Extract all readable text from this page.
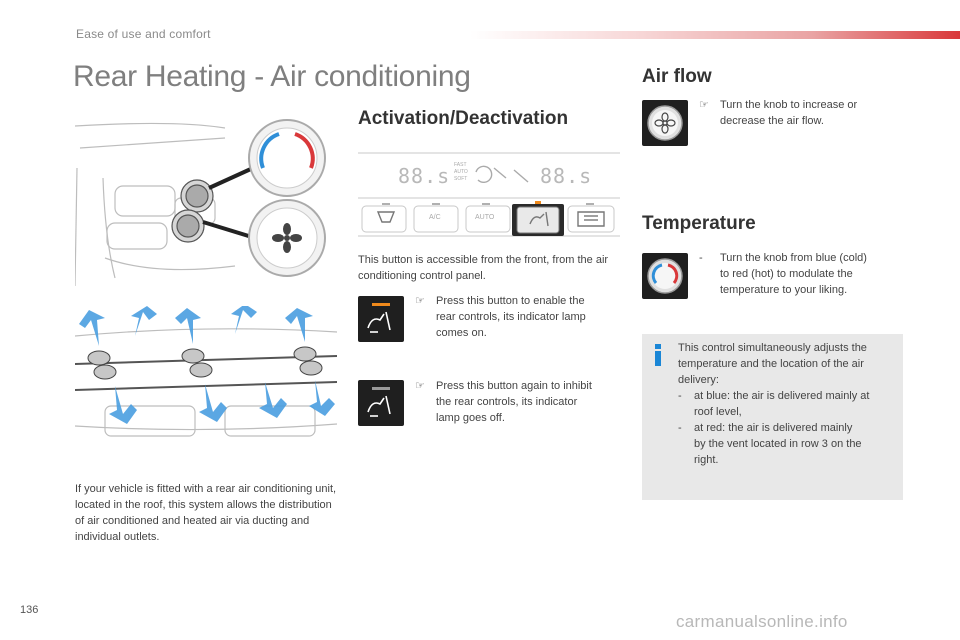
Ease of use and comfort
Rear Heating - Air conditioning

If your vehicle is fitted with a rear air conditioning unit, located in the roof, this system allows the distribution of air conditioned and heated air via ducting and individual outlets.

Activation/Deactivation
88.s	88.s
FAST
AUTO
SOFT
A/C	AUTO

This button is accessible from the front, from the air conditioning control panel.

☞ Press this button to enable the
rear controls, its indicator lamp
comes on.
☞ Press this button again to inhibit
the rear controls, its indicator
lamp goes off.
Air flow
☞ Turn the knob to increase or
decrease the air flow.
Temperature
- Turn the knob from blue (cold)
to red (hot) to modulate the
temperature to your liking.
This control simultaneously adjusts the
temperature and the location of the air
delivery:
- at blue: the air is delivered mainly at
roof level,
- at red: the air is delivered mainly
by the vent located in row 3 on the
right.
136
carmanualsonline.info
